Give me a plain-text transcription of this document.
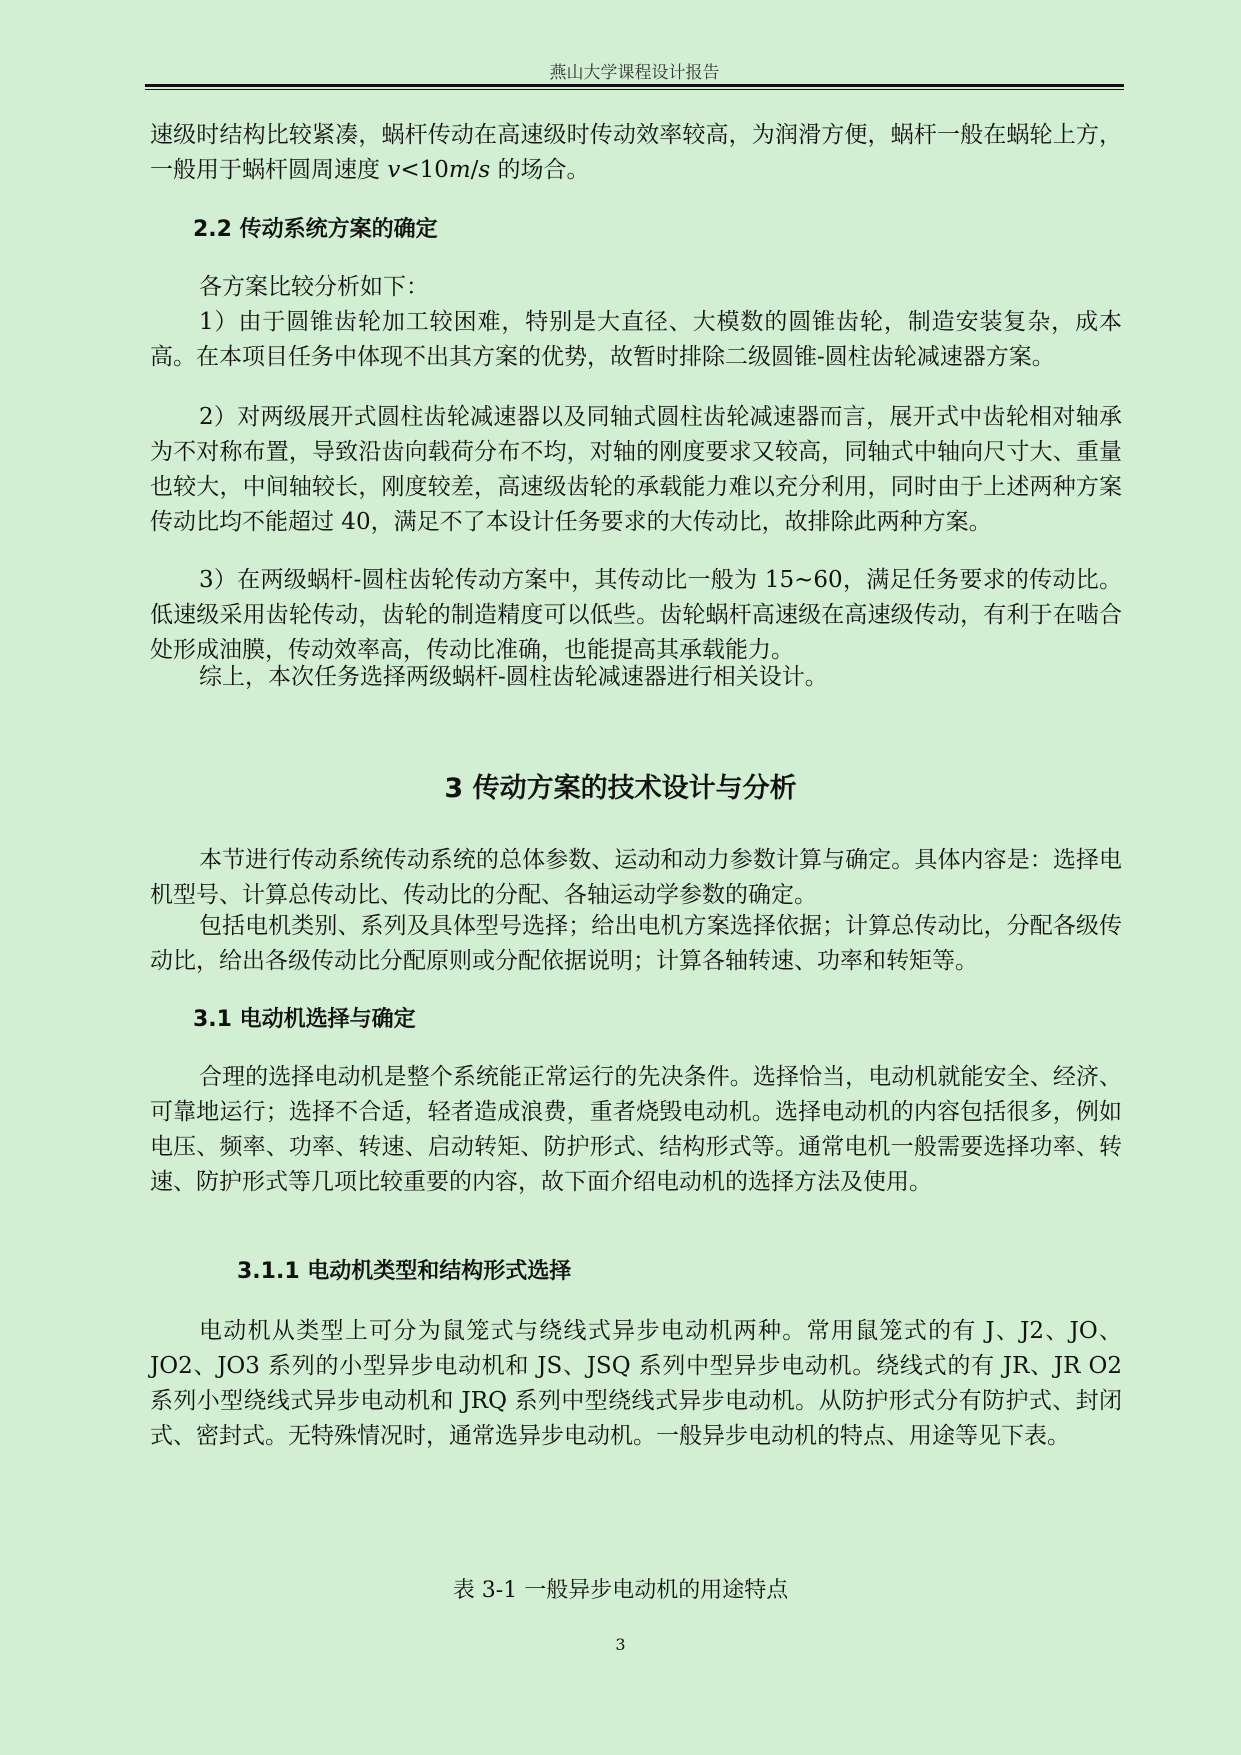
燕山大学课程设计报告

速级时结构比较紧凑，蜗杆传动在高速级时传动效率较高，为润滑方便，蜗杆一般在蜗轮上方，一般用于蜗杆圆周速度 v<10m/s 的场合。

2.2 传动系统方案的确定

各方案比较分析如下：

1）由于圆锥齿轮加工较困难，特别是大直径、大模数的圆锥齿轮，制造安装复杂，成本高。在本项目任务中体现不出其方案的优势，故暂时排除二级圆锥-圆柱齿轮减速器方案。

2）对两级展开式圆柱齿轮减速器以及同轴式圆柱齿轮减速器而言，展开式中齿轮相对轴承为不对称布置，导致沿齿向载荷分布不均，对轴的刚度要求又较高，同轴式中轴向尺寸大、重量也较大，中间轴较长，刚度较差，高速级齿轮的承载能力难以充分利用，同时由于上述两种方案传动比均不能超过 40，满足不了本设计任务要求的大传动比，故排除此两种方案。

3）在两级蜗杆-圆柱齿轮传动方案中，其传动比一般为 15~60，满足任务要求的传动比。低速级采用齿轮传动，齿轮的制造精度可以低些。齿轮蜗杆高速级在高速级传动，有利于在啮合处形成油膜，传动效率高，传动比准确，也能提高其承载能力。

综上，本次任务选择两级蜗杆-圆柱齿轮减速器进行相关设计。

3 传动方案的技术设计与分析

本节进行传动系统传动系统的总体参数、运动和动力参数计算与确定。具体内容是：选择电机型号、计算总传动比、传动比的分配、各轴运动学参数的确定。

包括电机类别、系列及具体型号选择；给出电机方案选择依据；计算总传动比，分配各级传动比，给出各级传动比分配原则或分配依据说明；计算各轴转速、功率和转矩等。

3.1 电动机选择与确定

合理的选择电动机是整个系统能正常运行的先决条件。选择恰当，电动机就能安全、经济、可靠地运行；选择不合适，轻者造成浪费，重者烧毁电动机。选择电动机的内容包括很多，例如电压、频率、功率、转速、启动转矩、防护形式、结构形式等。通常电机一般需要选择功率、转速、防护形式等几项比较重要的内容，故下面介绍电动机的选择方法及使用。

3.1.1 电动机类型和结构形式选择

电动机从类型上可分为鼠笼式与绕线式异步电动机两种。常用鼠笼式的有 J、J2、JO、JO2、JO3 系列的小型异步电动机和 JS、JSQ 系列中型异步电动机。绕线式的有 JR、JR O2 系列小型绕线式异步电动机和 JRQ 系列中型绕线式异步电动机。从防护形式分有防护式、封闭式、密封式。无特殊情况时，通常选异步电动机。一般异步电动机的特点、用途等见下表。

表 3-1 一般异步电动机的用途特点

3
